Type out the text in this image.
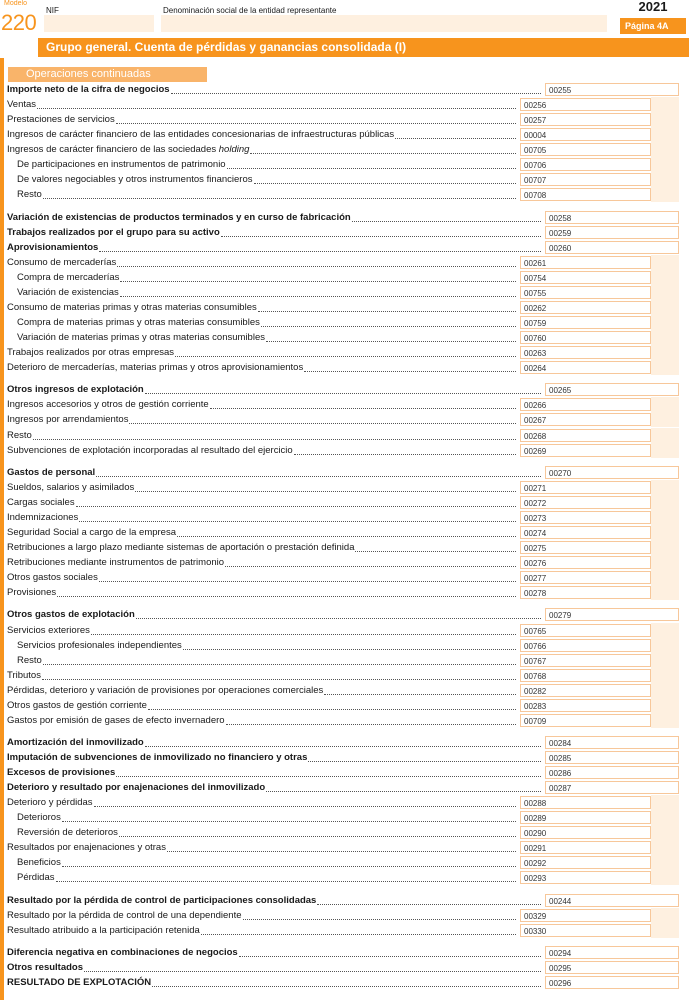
Modelo
220 NIF	Denominación social de la entidad representante	2021
Página 4A
Grupo general. Cuenta de pérdidas y ganancias consolidada (I)
Operaciones continuadas
Importe neto de la cifra de negocios	00255
Ventas	00256
Prestaciones de servicios	00257
Ingresos de carácter financiero de las entidades concesionarias de infraestructuras públicas	00004
Ingresos de carácter financiero de las sociedades holding	00705
De participaciones en instrumentos de patrimonio	00706
De valores negociables y otros instrumentos financieros	00707
Resto	00708
Variación de existencias de productos terminados y en curso de fabricación	00258
Trabajos realizados por el grupo para su activo	00259
Aprovisionamientos	00260
Consumo de mercaderías	00261
Compra de mercaderías	00754
Variación de existencias	00755
Consumo de materias primas y otras materias consumibles	00262
Compra de materias primas y otras materias consumibles	00759
Variación de materias primas y otras materias consumibles	00760
Trabajos realizados por otras empresas	00263
Deterioro de mercaderías, materias primas y otros aprovisionamientos	00264
Otros ingresos de explotación	00265
Ingresos accesorios y otros de gestión corriente	00266
Ingresos por arrendamientos	00267
Resto	00268
Subvenciones de explotación incorporadas al resultado del ejercicio	00269
Gastos de personal	00270
Sueldos, salarios y asimilados	00271
Cargas sociales	00272
Indemnizaciones	00273
Seguridad Social a cargo de la empresa	00274
Retribuciones a largo plazo mediante sistemas de aportación o prestación definida	00275
Retribuciones mediante instrumentos de patrimonio	00276
Otros gastos sociales	00277
Provisiones	00278
Otros gastos de explotación	00279
Servicios exteriores	00765
Servicios profesionales independientes	00766
Resto	00767
Tributos	00768
Pérdidas, deterioro y variación de provisiones por operaciones comerciales	00282
Otros gastos de gestión corriente	00283
Gastos por emisión de gases de efecto invernadero	00709
Amortización del inmovilizado	00284
Imputación de subvenciones de inmovilizado no financiero y otras	00285
Excesos de provisiones	00286
Deterioro y resultado por enajenaciones del inmovilizado	00287
Deterioro y pérdidas	00288
Deterioros	00289
Reversión de deterioros	00290
Resultados por enajenaciones y otras	00291
Beneficios	00292
Pérdidas	00293
Resultado por la pérdida de control de participaciones consolidadas	00244
Resultado por la pérdida de control de una dependiente	00329
Resultado atribuido a la participación retenida	00330
Diferencia negativa en combinaciones de negocios	00294
Otros resultados	00295
RESULTADO DE EXPLOTACIÓN	00296
